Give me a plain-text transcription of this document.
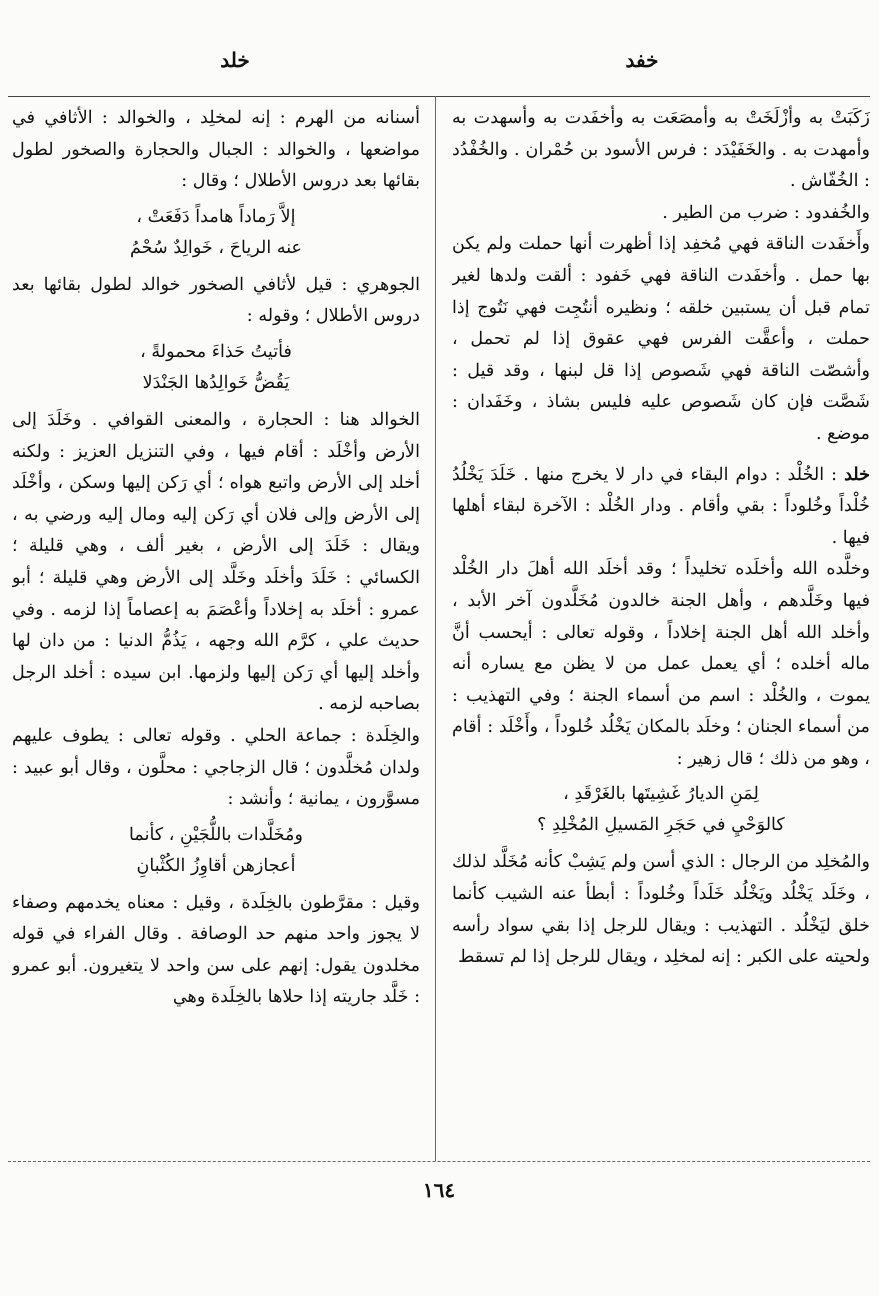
خفد
خلد

زَكَبَتْ به وأزْلَخَتْ به وأمصَعَت به وأخفَدت به وأسهدت به وأمهدت به . والخَفَيْدَد : فرس الأسود بن حُمْران . والخُفْدُد : الخُفّاش .

والخُفدود : ضرب من الطير .

وأَخفَدت الناقة فهي مُخفِد إذا أظهرت أنها حملت ولم يكن بها حمل . وأخفَدت الناقة فهي خَفود : ألقت ولدها لغير تمام قبل أن يستبين خلقه ؛ ونظيره أنتُجِت فهي نَتُوج إذا حملت ، وأعقَّت الفرس فهي عقوق إذا لم تحمل ، وأشصّت الناقة فهي شَصوص إذا قل لبنها ، وقد قيل : شَصَّت فإن كان شَصوص عليه فليس بشاذ ، وخَفَدان : موضع .

خلد : الخُلْد : دوام البقاء في دار لا يخرج منها . خَلَدَ يَخْلُدُ خُلْداً وخُلوداً : بقي وأقام . ودار الخُلْد : الآخرة لبقاء أهلها فيها .

وخلَّده الله وأخلَده تخليداً ؛ وقد أخلَد الله أهلَ دار الخُلْد فيها وخَلَّدهم ، وأهل الجنة خالدون مُخَلَّدون آخر الأبد ، وأخلد الله أهل الجنة إخلاداً ، وقوله تعالى : أيحسب أنَّ ماله أخلده ؛ أي يعمل عمل من لا يظن مع يساره أنه يموت ، والخُلْد : اسم من أسماء الجنة ؛ وفي التهذيب : من أسماء الجنان ؛ وخلَد بالمكان يَخْلُد خُلوداً ، وأَخْلَد : أقام ، وهو من ذلك ؛ قال زهير :

لِمَنِ الديارُ غَشِيتَها بالغَرْقَدِ ،
كالوَحْيِ في حَجَرِ المَسيلِ المُخْلِدِ ؟

والمُخلِد من الرجال : الذي أسن ولم يَشِبْ كأنه مُخَلَّد لذلك ، وخَلَد يَخْلُد ويَخْلُد خَلَداً وخُلوداً : أبطأ عنه الشيب كأنما خلق ليَخْلُد . التهذيب : ويقال للرجل إذا بقي سواد رأسه ولحيته على الكبر : إنه لمخلِد ، ويقال للرجل إذا لم تسقط

أسنانه من الهرم : إنه لمخلِد ، والخوالد : الأثافي في مواضعها ، والخوالد : الجبال والحجارة والصخور لطول بقائها بعد دروس الأطلال ؛ وقال :

إلاَّ رَماداً هامداً دَفَعَتْ ،
عنه الرياحَ ، خَوالِدٌ سُحْمُ

الجوهري : قيل لأثافي الصخور خوالد لطول بقائها بعد دروس الأطلال ؛ وقوله :

فأتيتُ حَذاءَ محمولةً ،
يَقُضُّ خَوالِدُها الجَنْدَلا

الخوالد هنا : الحجارة ، والمعنى القوافي . وخَلَدَ إلى الأرض وأخْلَد : أقام فيها ، وفي التنزيل العزيز : ولكنه أخلد إلى الأرض واتبع هواه ؛ أي رَكن إليها وسكن ، وأخْلَد إلى الأرض وإلى فلان أي رَكن إليه ومال إليه ورضي به ، ويقال : خَلَدَ إلى الأرض ، بغير ألف ، وهي قليلة ؛ الكسائي : خَلَدَ وأخلَد وخَلَّد إلى الأرض وهي قليلة ؛ أبو عمرو : أخلَد به إخلاداً وأعْصَمَ به إعصاماً إذا لزمه . وفي حديث علي ، كرَّم الله وجهه ، يَذُمُّ الدنيا : من دان لها وأخلد إليها أي رَكن إليها ولزمها. ابن سيده : أخلد الرجل بصاحبه لزمه .

والخِلَدة : جماعة الحلي . وقوله تعالى : يطوف عليهم ولدان مُخلَّدون ؛ قال الزجاجي : محلَّون ، وقال أبو عبيد : مسوَّرون ، يمانية ؛ وأنشد :

ومُخَلَّدات باللُّجَيْنِ ، كأنما
أعجازهن أقاوِزُ الكُثْبانِ

وقيل : مقرَّطون بالخِلَدة ، وقيل : معناه يخدمهم وصفاء لا يجوز واحد منهم حد الوصافة . وقال الفراء في قوله مخلدون يقول: إنهم على سن واحد لا يتغيرون. أبو عمرو : خَلَّد جاريته إذا حلاها بالخِلَدة وهي

١٦٤
